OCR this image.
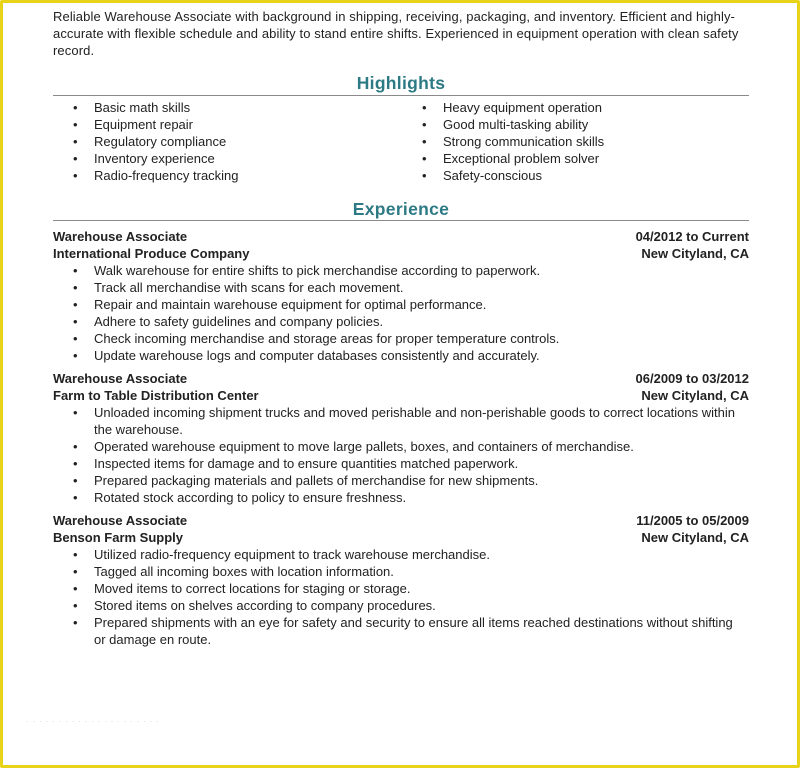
Reliable Warehouse Associate with background in shipping, receiving, packaging, and inventory. Efficient and highly-accurate with flexible schedule and ability to stand entire shifts. Experienced in equipment operation with clean safety record.

Highlights
• Basic math skills
• Equipment repair
• Regulatory compliance
• Inventory experience
• Radio-frequency tracking
• Heavy equipment operation
• Good multi-tasking ability
• Strong communication skills
• Exceptional problem solver
• Safety-conscious
Experience
Warehouse Associate	04/2012 to Current
International Produce Company	New Cityland, CA
• Walk warehouse for entire shifts to pick merchandise according to paperwork.
• Track all merchandise with scans for each movement.
• Repair and maintain warehouse equipment for optimal performance.
• Adhere to safety guidelines and company policies.
• Check incoming merchandise and storage areas for proper temperature controls.
• Update warehouse logs and computer databases consistently and accurately.
Warehouse Associate	06/2009 to 03/2012
Farm to Table Distribution Center	New Cityland, CA
• Unloaded incoming shipment trucks and moved perishable and non-perishable goods to correct locations within the warehouse.
• Operated warehouse equipment to move large pallets, boxes, and containers of merchandise.
• Inspected items for damage and to ensure quantities matched paperwork.
• Prepared packaging materials and pallets of merchandise for new shipments.
• Rotated stock according to policy to ensure freshness.
Warehouse Associate	11/2005 to 05/2009
Benson Farm Supply	New Cityland, CA
• Utilized radio-frequency equipment to track warehouse merchandise.
• Tagged all incoming boxes with location information.
• Moved items to correct locations for staging or storage.
• Stored items on shelves according to company procedures.
• Prepared shipments with an eye for safety and security to ensure all items reached destinations without shifting or damage en route.
· · · · · · · · · · · · · · · · · · · · ·
